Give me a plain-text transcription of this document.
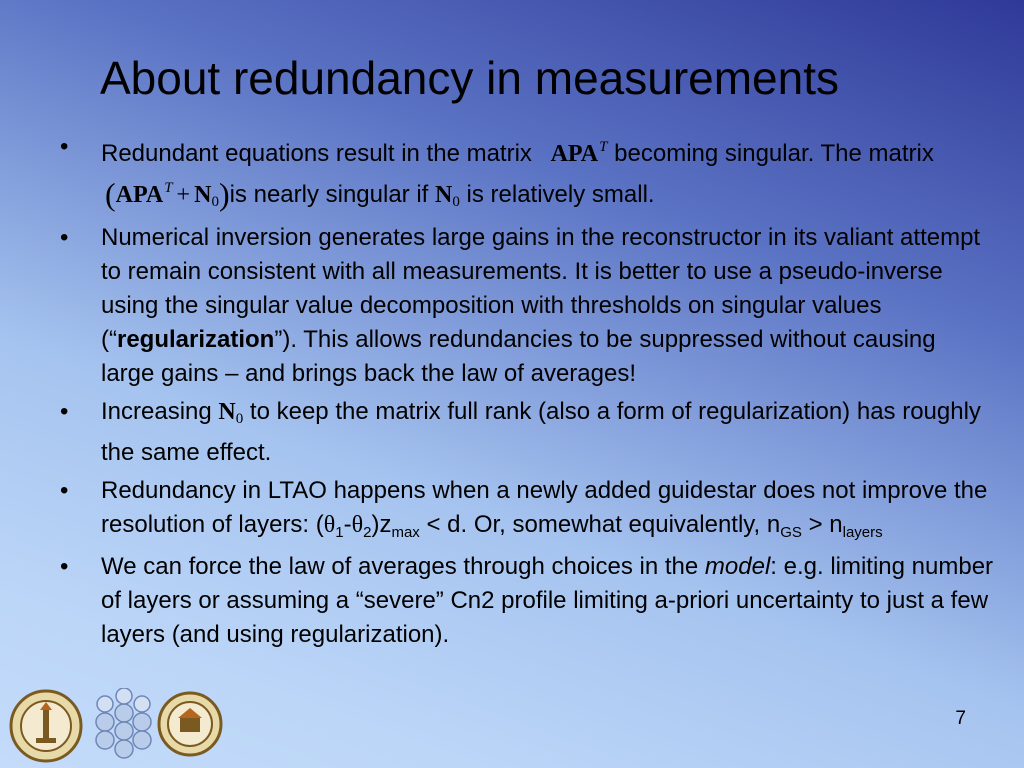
About redundancy in measurements
• Redundant equations result in the matrix $APA^T$ becoming singular. The matrix $(APA^T + N0)is$ nearly singular if N0 is relatively small.
• Numerical inversion generates large gains in the reconstructor in its valiant attempt to remain consistent with all measurements. It is better to use a pseudo-inverse using the singular value decomposition with thresholds on singular values (“regularization”). This allows redundancies to be suppressed without causing large gains – and brings back the law of averages!
• Increasing N0 to keep the matrix full rank (also a form of regularization) has roughly the same effect.
• Redundancy in LTAO happens when a newly added guidestar does not improve the resolution of layers: $(\theta_1-\theta_2)z_{max} < d$. Or, somewhat equivalently, $n_{GS} > n_{layers}$
• We can force the law of averages through choices in the model: e.g. limiting number of layers or assuming a “severe” Cn2 profile limiting a-priori uncertainty to just a few layers (and using regularization).
7
